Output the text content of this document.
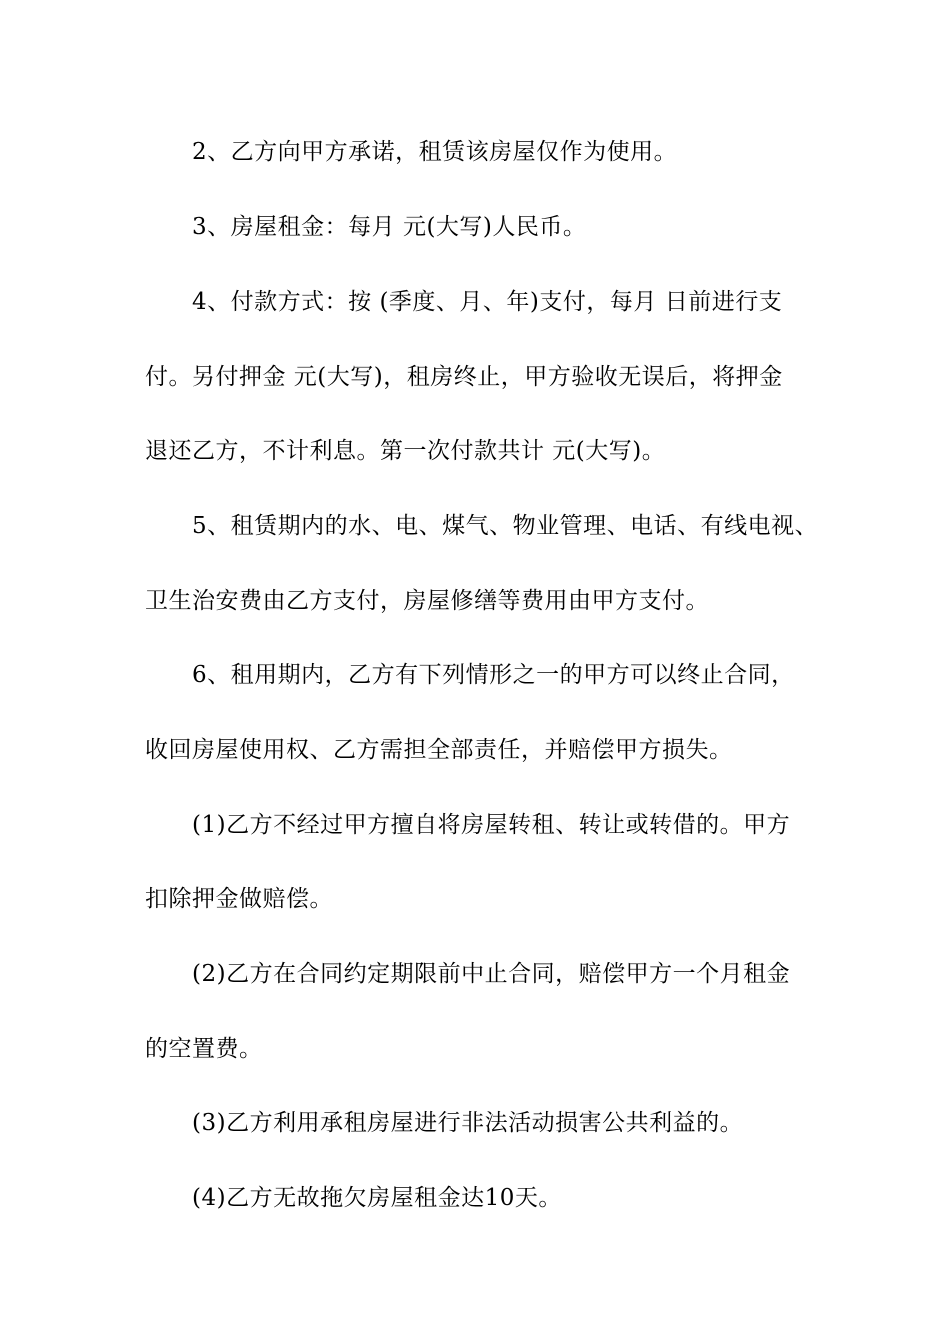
2、乙方向甲方承诺，租赁该房屋仅作为使用。
3、房屋租金：每月 元(大写)人民币。
4、付款方式：按 (季度、月、年)支付，每月 日前进行支
付。另付押金 元(大写)，租房终止，甲方验收无误后，将押金
退还乙方，不计利息。第一次付款共计 元(大写)。
5、租赁期内的水、电、煤气、物业管理、电话、有线电视、
卫生治安费由乙方支付，房屋修缮等费用由甲方支付。
6、租用期内，乙方有下列情形之一的甲方可以终止合同，
收回房屋使用权、乙方需担全部责任，并赔偿甲方损失。
(1)乙方不经过甲方擅自将房屋转租、转让或转借的。甲方
扣除押金做赔偿。
(2)乙方在合同约定期限前中止合同，赔偿甲方一个月租金
的空置费。
(3)乙方利用承租房屋进行非法活动损害公共利益的。
(4)乙方无故拖欠房屋租金达10天。
